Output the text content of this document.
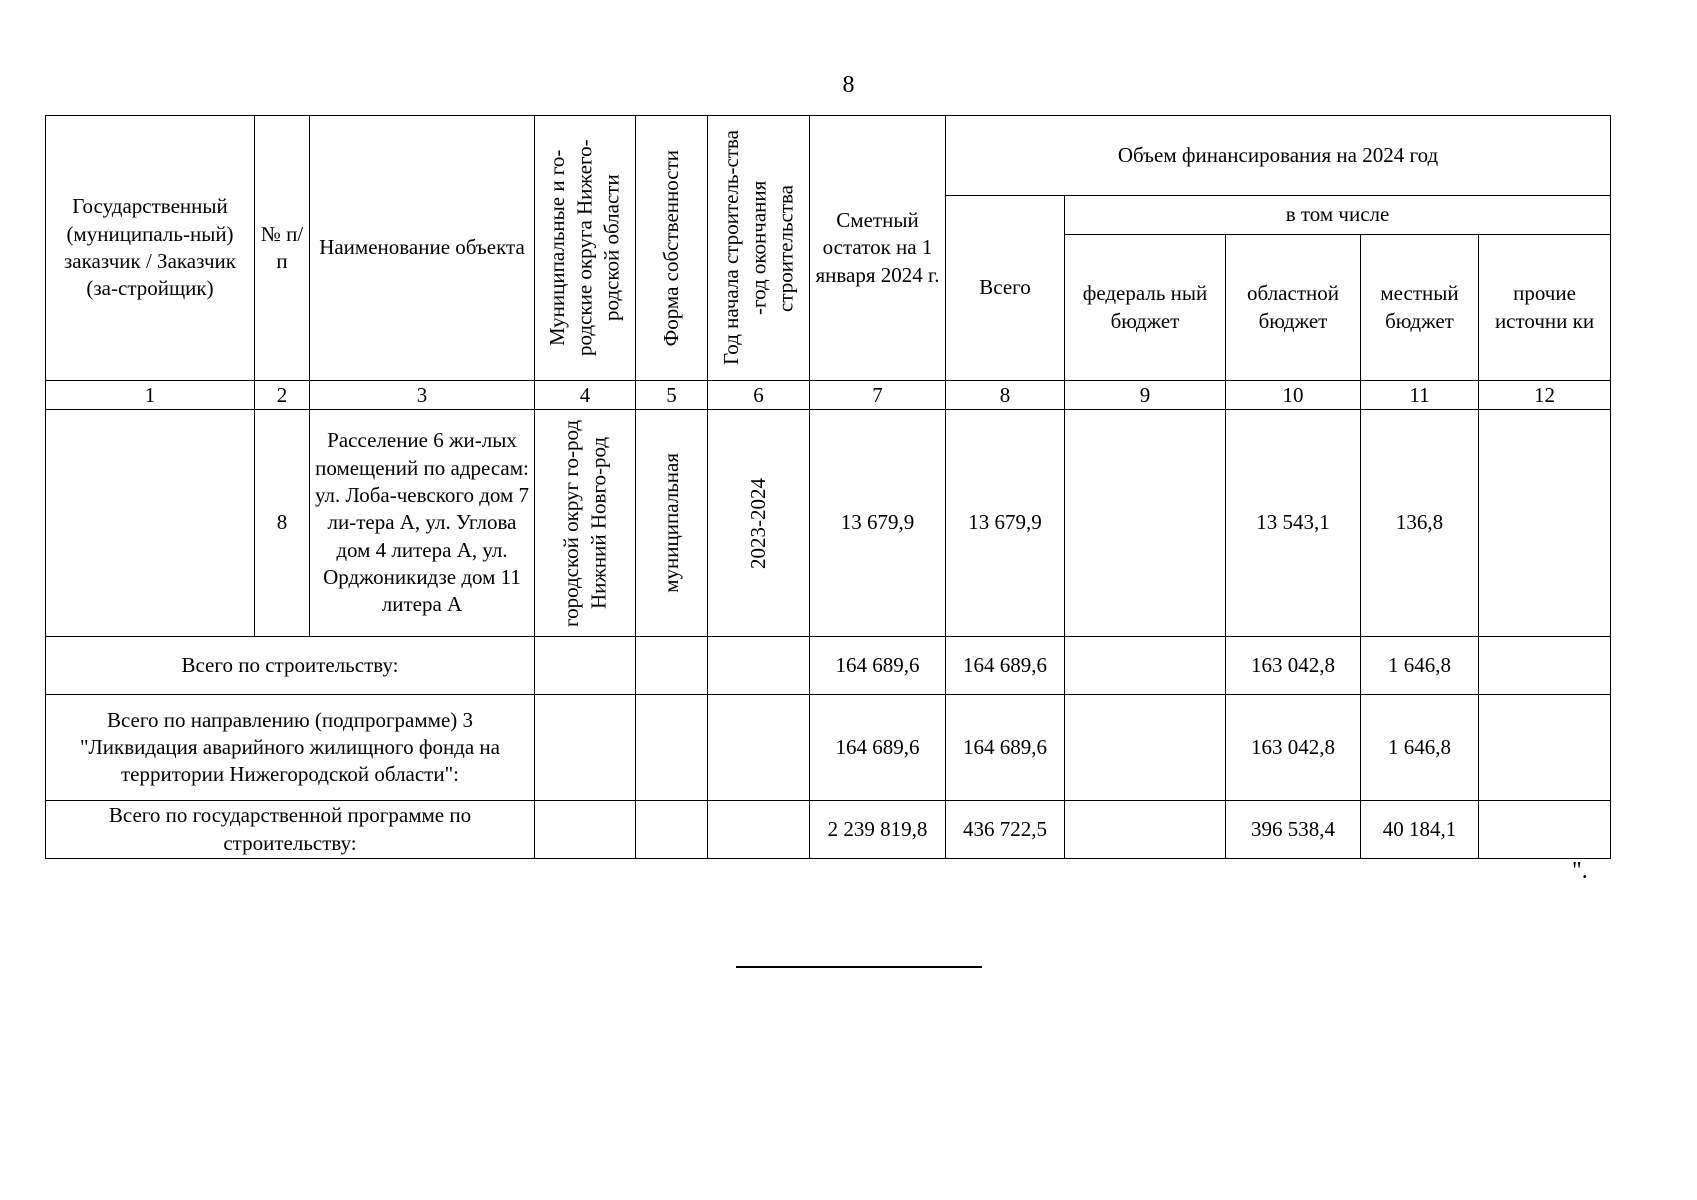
8
Государственный (муниципаль-ный) заказчик / Заказчик (за-стройщик)	№ п/п	Наименование объекта	Муниципальные и го-родские округа Нижего-родской области	Форма собственности	Год начала строитель-ства -год окончания строительства	Сметный остаток на 1 января 2024 г.	Объем финансирования на 2024 год				
							Всего	в том числе			
								федераль ный бюджет	областной бюджет	местный бюджет	прочие источни ки
1	2	3	4	5	6	7	8	9	10	11	12
	8	Расселение 6 жи-лых помещений по адресам: ул. Лоба-чевского дом 7 ли-тера А, ул. Углова дом 4 литера А, ул. Орджоникидзе дом 11 литера А	городской округ го-род Нижний Новго-род	муниципальная	2023-2024	13 679,9	13 679,9		13 543,1	136,8	
Всего по строительству:						164 689,6	164 689,6		163 042,8	1 646,8	
Всего по направлению (подпрограмме) 3 "Ликвидация аварийного жилищного фонда на территории Нижегородской области":						164 689,6	164 689,6		163 042,8	1 646,8	
Всего по государственной программе по строительству:						2 239 819,8	436 722,5		396 538,4	40 184,1	
".
